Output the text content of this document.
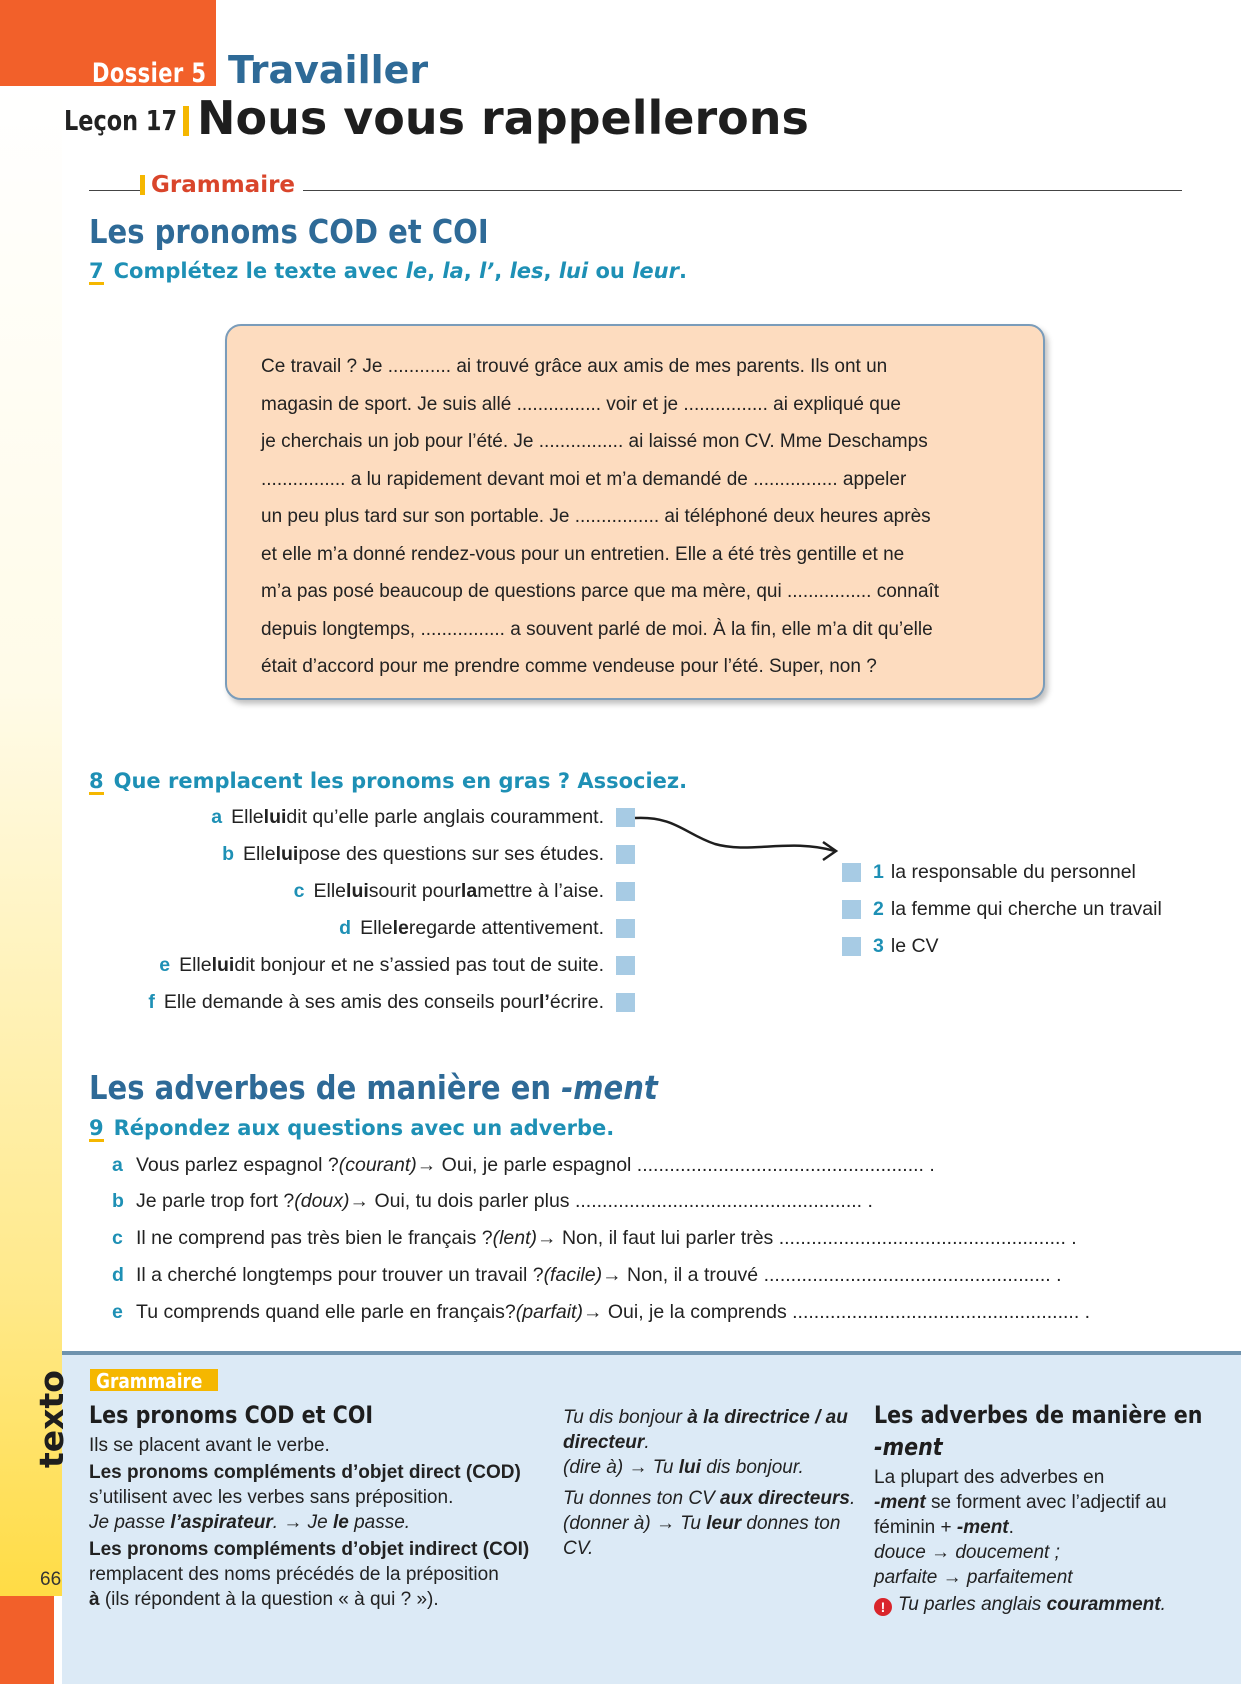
Dossier 5 Travailler
Leçon 17 Nous vous rappellerons
Grammaire
Les pronoms COD et COI
7 Complétez le texte avec le, la, l’, les, lui ou leur.

Ce travail ? Je ............ ai trouvé grâce aux amis de mes parents. Ils ont un

magasin de sport. Je suis allé ................ voir et je ................ ai expliqué que

je cherchais un job pour l’été. Je ................ ai laissé mon CV. Mme Deschamps

................ a lu rapidement devant moi et m’a demandé de ................ appeler

un peu plus tard sur son portable. Je ................ ai téléphoné deux heures après

et elle m’a donné rendez-vous pour un entretien. Elle a été très gentille et ne

m’a pas posé beaucoup de questions parce que ma mère, qui ................ connaît

depuis longtemps, ................ a souvent parlé de moi. À la fin, elle m’a dit qu’elle

était d’accord pour me prendre comme vendeuse pour l’été. Super, non ?

8 Que remplacent les pronoms en gras ? Associez.
a Elle lui dit qu’elle parle anglais couramment.
b Elle lui pose des questions sur ses études.
c Elle lui sourit pour la mettre à l’aise.
d Elle le regarde attentivement.
e Elle lui dit bonjour et ne s’assied pas tout de suite.
f Elle demande à ses amis des conseils pour l’ écrire.
1 la responsable du personnel
2 la femme qui cherche un travail
3 le CV
Les adverbes de manière en -ment
9 Répondez aux questions avec un adverbe.
a Vous parlez espagnol ? (courant) → Oui, je parle espagnol ..................................................... .
b Je parle trop fort ? (doux) → Oui, tu dois parler plus ..................................................... .
c Il ne comprend pas très bien le français ? (lent) → Non, il faut lui parler très ..................................................... .
d Il a cherché longtemps pour trouver un travail ? (facile) → Non, il a trouvé ..................................................... .
e Tu comprends quand elle parle en français? (parfait) → Oui, je la comprends ..................................................... .
texto
66
Grammaire
Les pronoms COD et COI

Ils se placent avant le verbe.

Les pronoms compléments d’objet direct (COD)
s’utilisent avec les verbes sans préposition.
Je passe l’aspirateur. → Je le passe.

Les pronoms compléments d’objet indirect (COI)
remplacent des noms précédés de la préposition
à (ils répondent à la question « à qui ? »).

Tu dis bonjour à la directrice / au directeur.
(dire à) → Tu lui dis bonjour.

Tu donnes ton CV aux directeurs.
(donner à) → Tu leur donnes ton CV.

Les adverbes de manière en
-ment

La plupart des adverbes en
-ment se forment avec l’adjectif au féminin + -ment.

douce → doucement ;
parfaite → parfaitement

! Tu parles anglais couramment.
